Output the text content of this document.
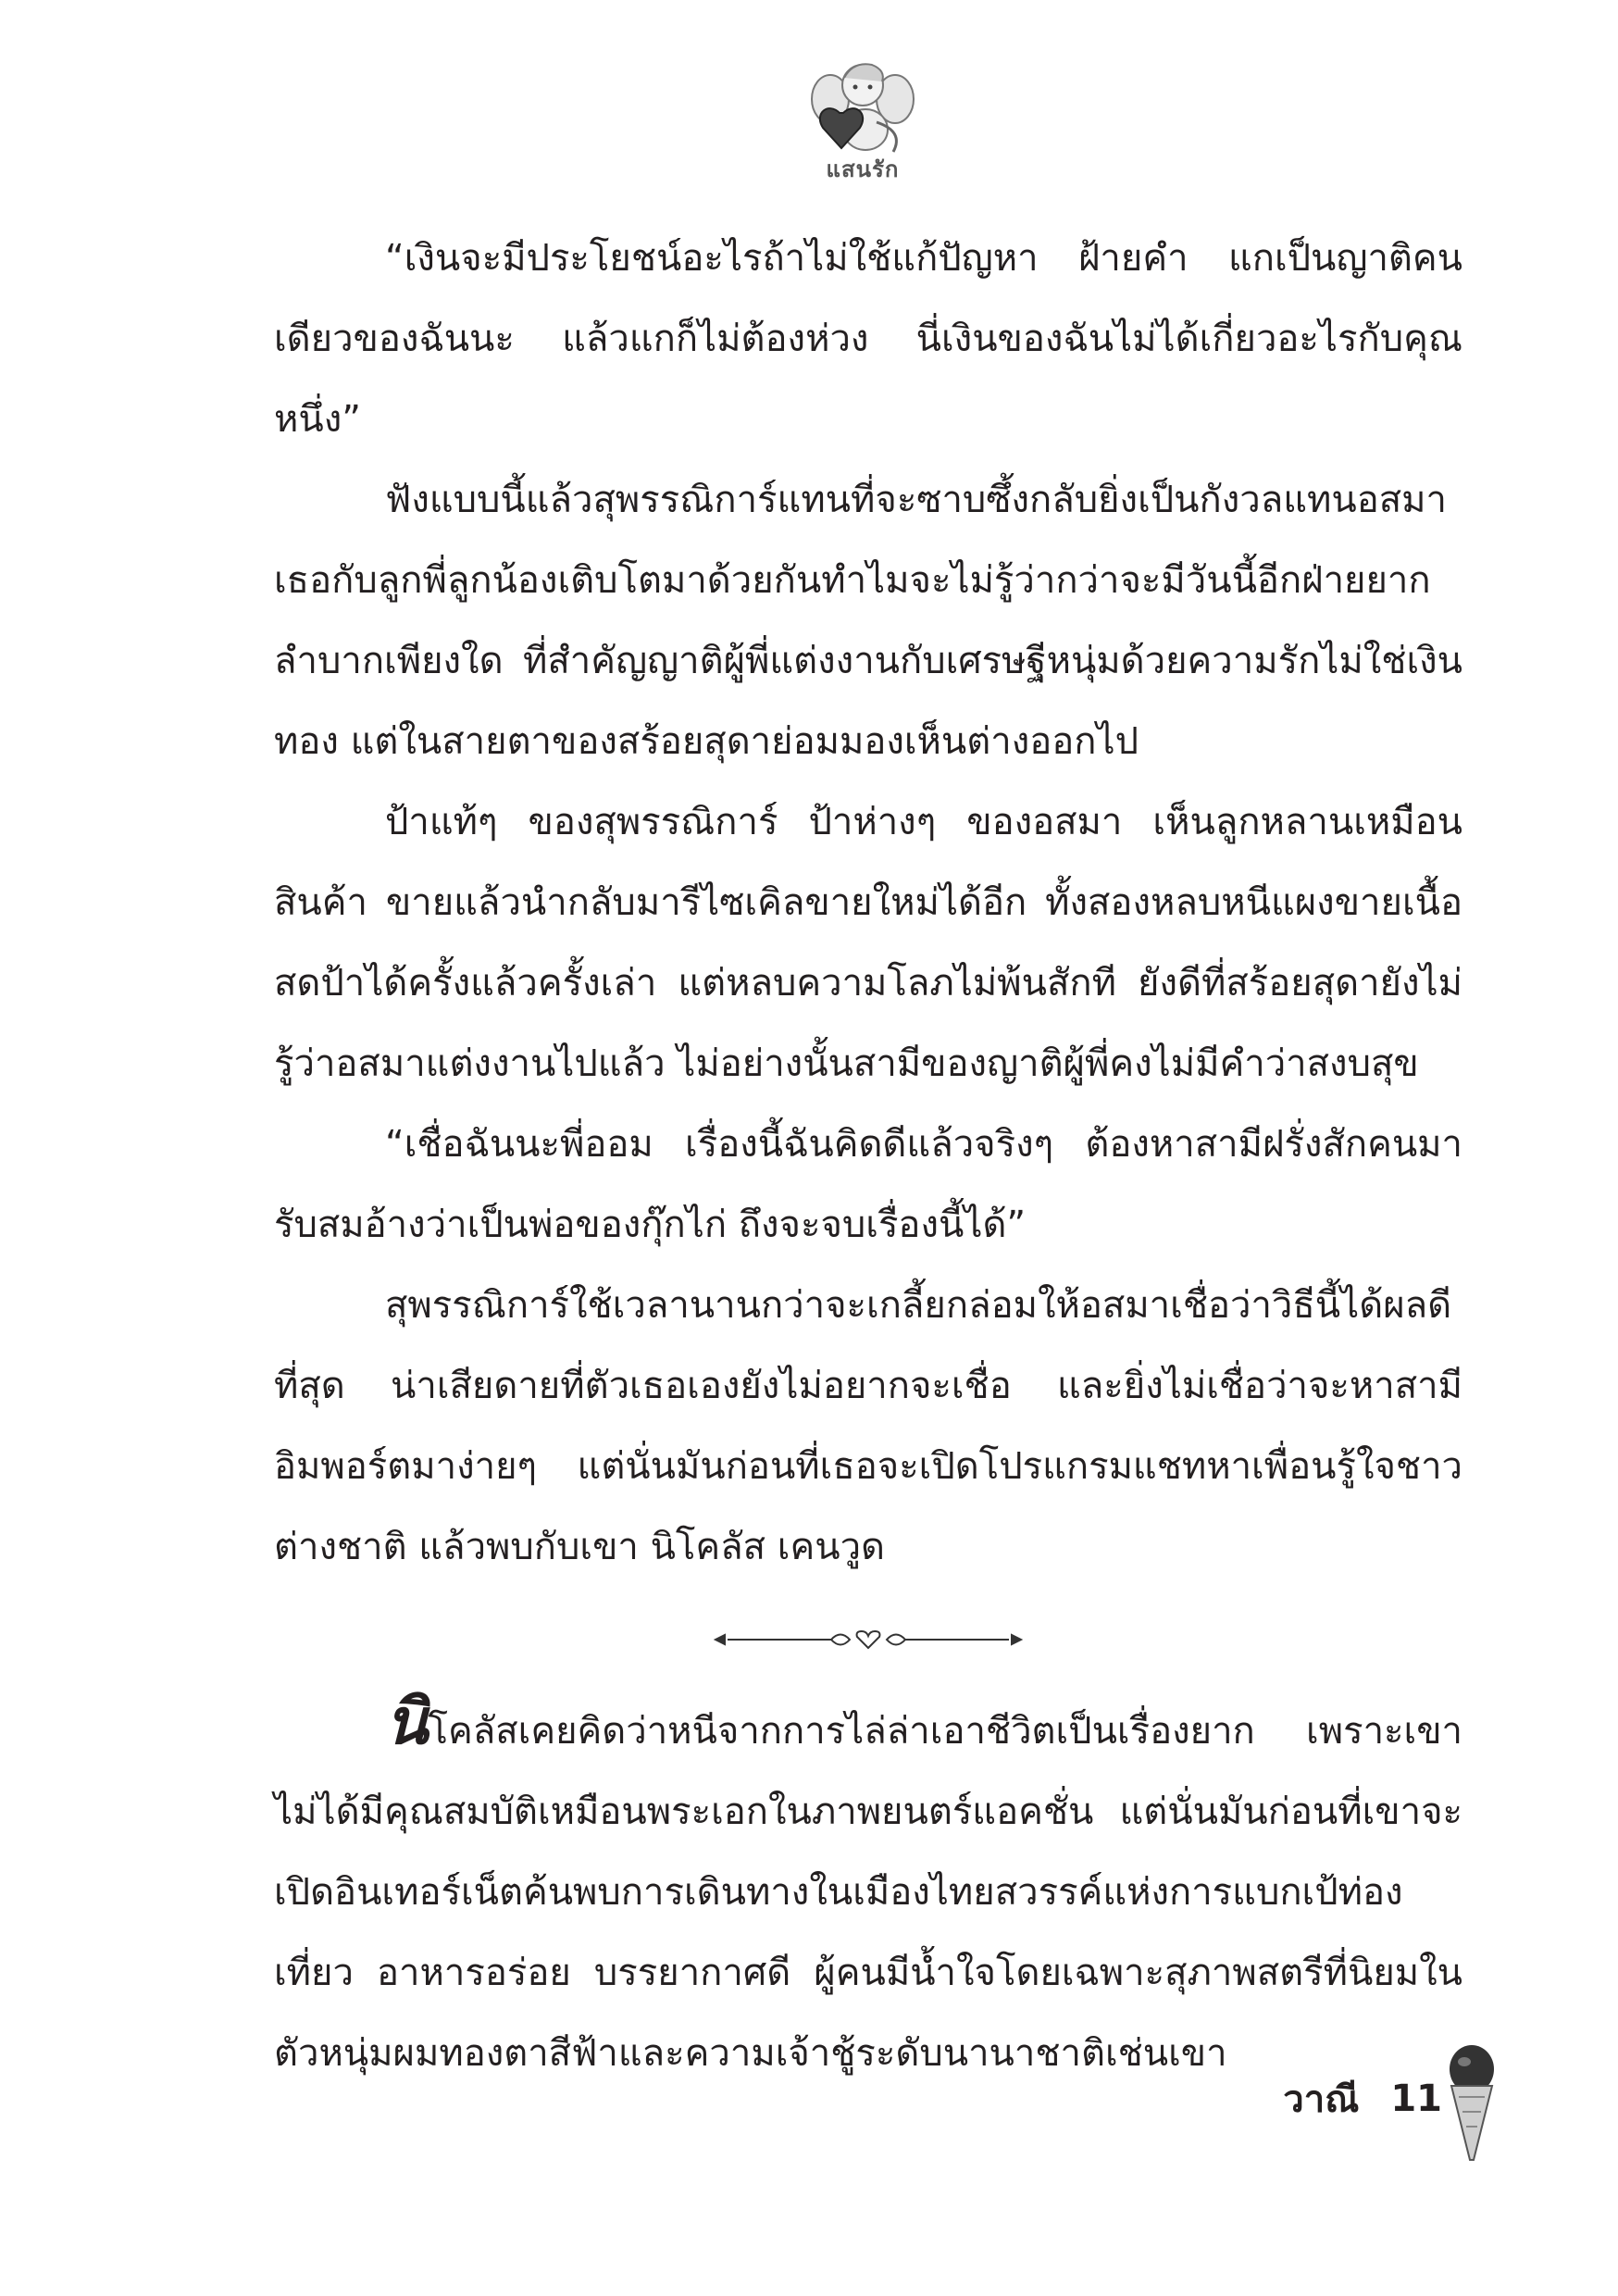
แสนรัก

“เงินจะมีประโยชน์อะไรถ้าไม่ใช้แก้ปัญหา ฝ้ายคำ แกเป็นญาติคนเดียวของฉันนะ แล้วแกก็ไม่ต้องห่วง นี่เงินของฉันไม่ได้เกี่ยวอะไรกับคุณหนึ่ง”

ฟังแบบนี้แล้วสุพรรณิการ์แทนที่จะซาบซึ้งกลับยิ่งเป็นกังวลแทนอสมา เธอกับลูกพี่ลูกน้องเติบโตมาด้วยกันทำไมจะไม่รู้ว่ากว่าจะมีวันนี้อีกฝ่ายยากลำบากเพียงใด ที่สำคัญญาติผู้พี่แต่งงานกับเศรษฐีหนุ่มด้วยความรักไม่ใช่เงินทอง แต่ในสายตาของสร้อยสุดาย่อมมองเห็นต่างออกไป

ป้าแท้ๆ ของสุพรรณิการ์ ป้าห่างๆ ของอสมา เห็นลูกหลานเหมือนสินค้า ขายแล้วนำกลับมารีไซเคิลขายใหม่ได้อีก ทั้งสองหลบหนีแผงขายเนื้อสดป้าได้ครั้งแล้วครั้งเล่า แต่หลบความโลภไม่พ้นสักที ยังดีที่สร้อยสุดายังไม่รู้ว่าอสมาแต่งงานไปแล้ว ไม่อย่างนั้นสามีของญาติผู้พี่คงไม่มีคำว่าสงบสุข

“เชื่อฉันนะพี่ออม เรื่องนี้ฉันคิดดีแล้วจริงๆ ต้องหาสามีฝรั่งสักคนมารับสมอ้างว่าเป็นพ่อของกุ๊กไก่ ถึงจะจบเรื่องนี้ได้”

สุพรรณิการ์ใช้เวลานานกว่าจะเกลี้ยกล่อมให้อสมาเชื่อว่าวิธีนี้ได้ผลดีที่สุด น่าเสียดายที่ตัวเธอเองยังไม่อยากจะเชื่อ และยิ่งไม่เชื่อว่าจะหาสามีอิมพอร์ตมาง่ายๆ แต่นั่นมันก่อนที่เธอจะเปิดโปรแกรมแชทหาเพื่อนรู้ใจชาวต่างชาติ แล้วพบกับเขา นิโคลัส เคนวูด

นิโคลัสเคยคิดว่าหนีจากการไล่ล่าเอาชีวิตเป็นเรื่องยาก เพราะเขาไม่ได้มีคุณสมบัติเหมือนพระเอกในภาพยนตร์แอคชั่น แต่นั่นมันก่อนที่เขาจะเปิดอินเทอร์เน็ตค้นพบการเดินทางในเมืองไทยสวรรค์แห่งการแบกเป้ท่องเที่ยว อาหารอร่อย บรรยากาศดี ผู้คนมีน้ำใจโดยเฉพาะสุภาพสตรีที่นิยมในตัวหนุ่มผมทองตาสีฟ้าและความเจ้าชู้ระดับนานาชาติเช่นเขา

วาณี 11
